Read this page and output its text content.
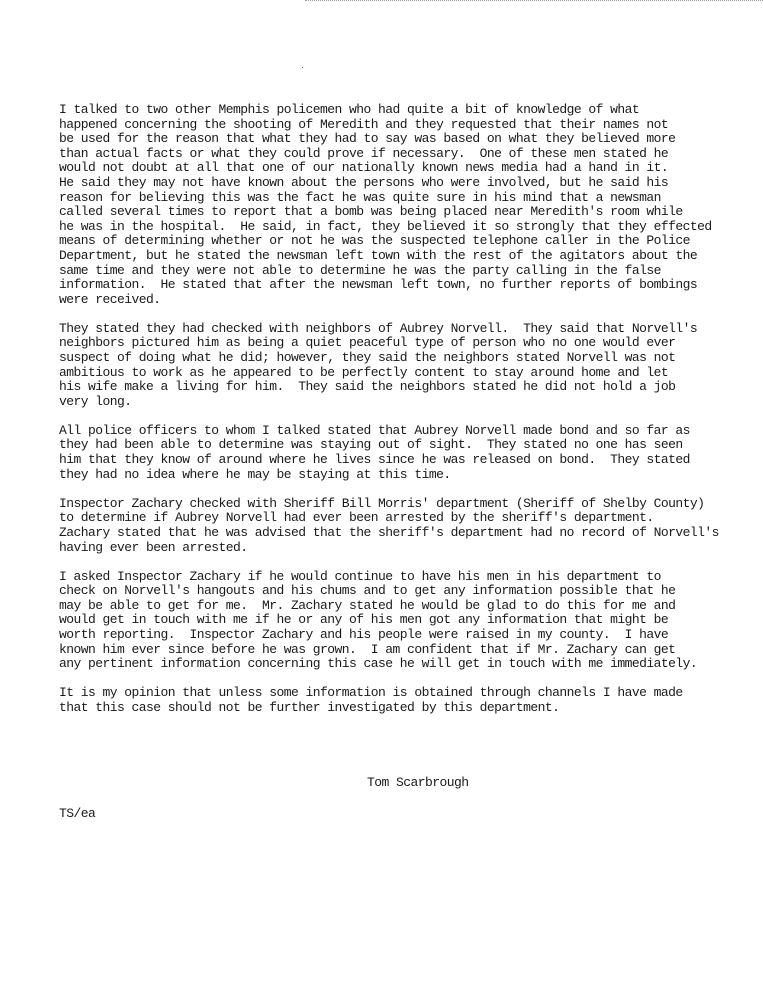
I talked to two other Memphis policemen who had quite a bit of knowledge of what
happened concerning the shooting of Meredith and they requested that their names not
be used for the reason that what they had to say was based on what they believed more
than actual facts or what they could prove if necessary.  One of these men stated he
would not doubt at all that one of our nationally known news media had a hand in it.
He said they may not have known about the persons who were involved, but he said his
reason for believing this was the fact he was quite sure in his mind that a newsman
called several times to report that a bomb was being placed near Meredith's room while
he was in the hospital.  He said, in fact, they believed it so strongly that they effected
means of determining whether or not he was the suspected telephone caller in the Police
Department, but he stated the newsman left town with the rest of the agitators about the
same time and they were not able to determine he was the party calling in the false
information.  He stated that after the newsman left town, no further reports of bombings
were received.

They stated they had checked with neighbors of Aubrey Norvell.  They said that Norvell's
neighbors pictured him as being a quiet peaceful type of person who no one would ever
suspect of doing what he did; however, they said the neighbors stated Norvell was not
ambitious to work as he appeared to be perfectly content to stay around home and let
his wife make a living for him.  They said the neighbors stated he did not hold a job
very long.

All police officers to whom I talked stated that Aubrey Norvell made bond and so far as
they had been able to determine was staying out of sight.  They stated no one has seen
him that they know of around where he lives since he was released on bond.  They stated
they had no idea where he may be staying at this time.

Inspector Zachary checked with Sheriff Bill Morris' department (Sheriff of Shelby County)
to determine if Aubrey Norvell had ever been arrested by the sheriff's department.
Zachary stated that he was advised that the sheriff's department had no record of Norvell's
having ever been arrested.

I asked Inspector Zachary if he would continue to have his men in his department to
check on Norvell's hangouts and his chums and to get any information possible that he
may be able to get for me.  Mr. Zachary stated he would be glad to do this for me and
would get in touch with me if he or any of his men got any information that might be
worth reporting.  Inspector Zachary and his people were raised in my county.  I have
known him ever since before he was grown.  I am confident that if Mr. Zachary can get
any pertinent information concerning this case he will get in touch with me immediately.

It is my opinion that unless some information is obtained through channels I have made
that this case should not be further investigated by this department.

Tom Scarbrough
TS/ea
